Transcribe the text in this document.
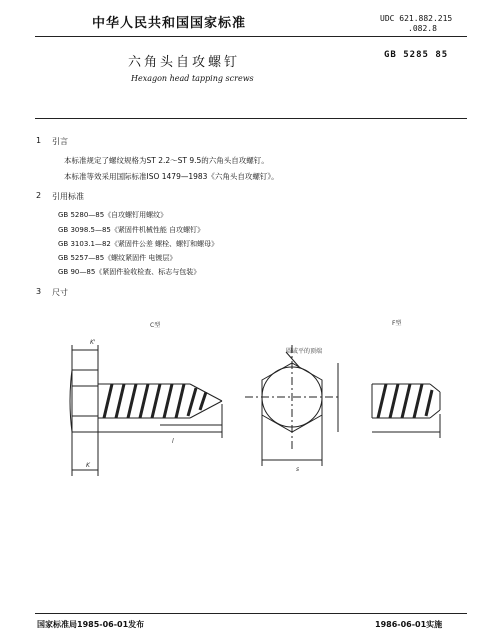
中华人民共和国国家标准	UDC 621.882.215
.082.8
六角头自攻螺钉	GB 5285 85
Hexagon head tapping screws
1 引言
本标准规定了螺纹规格为ST 2.2～ST 9.5的六角头自攻螺钉。
本标准等效采用国际标准ISO 1479—1983《六角头自攻螺钉》。
2 引用标准
GB 5280—85《自攻螺钉用螺纹》
GB 3098.5—85《紧固件机械性能 自攻螺钉》
GB 3103.1—82《紧固件公差 螺栓、螺钉和螺母》
GB 5257—85《螺纹紧固件 电镀层》
GB 90—85《紧固件验收检查、标志与包装》
3 尺寸
C型	F型
圆或平的顶端
K'
K
s
l
国家标准局1985-06-01发布	1986-06-01实施
